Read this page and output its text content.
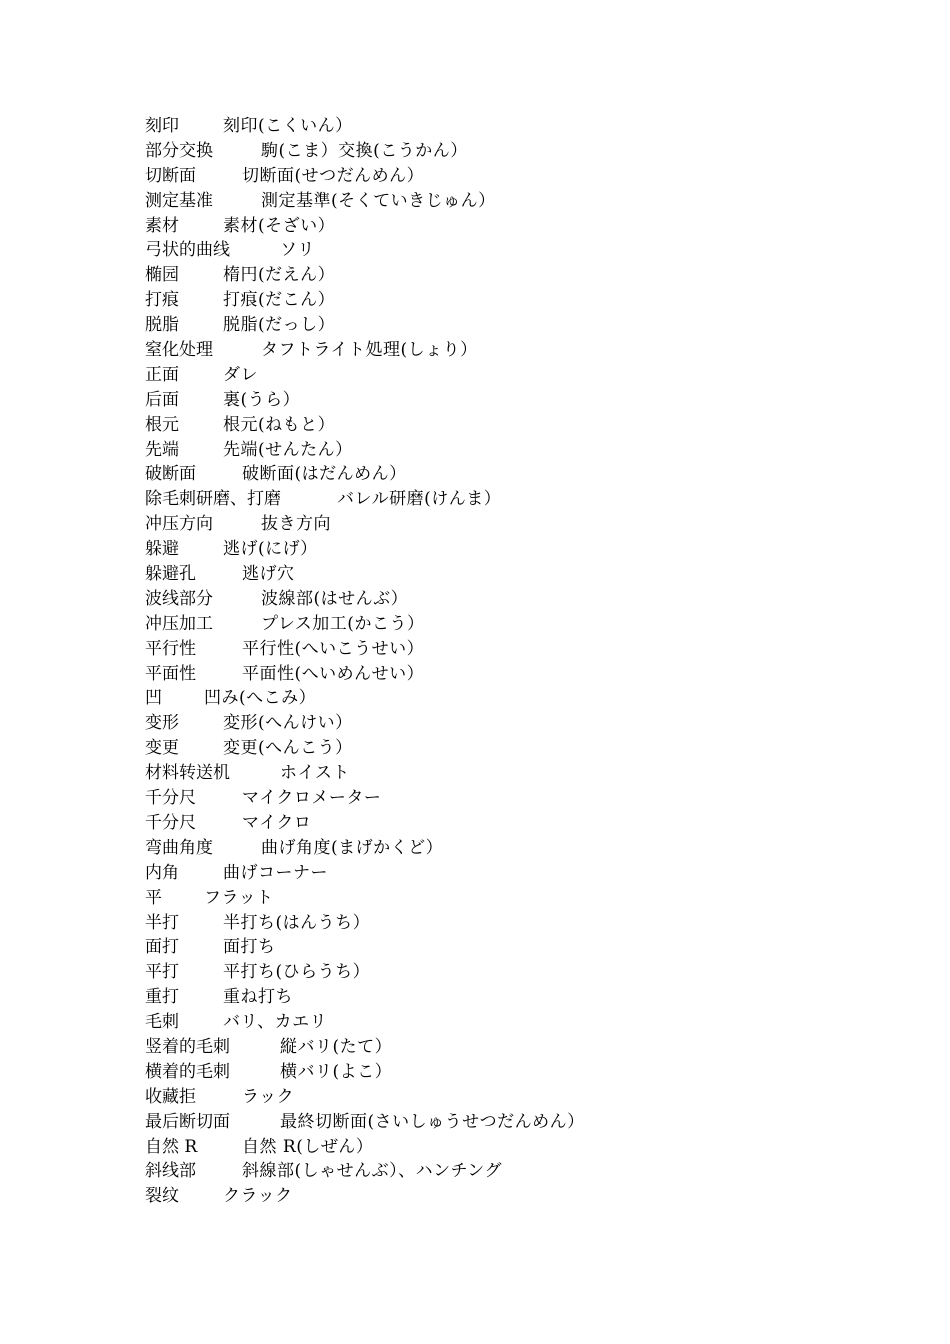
刻印	刻印(こくいん）
部分交换	駒(こま）交換(こうかん）
切断面	切断面(せつだんめん）
测定基准	測定基準(そくていきじゅん）
素材	素材(そざい）
弓状的曲线	ソリ
椭园	楕円(だえん）
打痕	打痕(だこん）
脱脂	脱脂(だっし）
窒化处理	タフトライト処理(しょり）
正面	ダレ
后面	裏(うら）
根元	根元(ねもと）
先端	先端(せんたん）
破断面	破断面(はだんめん）
除毛刺研磨、打磨	バレル研磨(けんま）
冲压方向	抜き方向
躲避	逃げ(にげ）
躲避孔	逃げ穴
波线部分	波線部(はせんぶ）
冲压加工	プレス加工(かこう）
平行性	平行性(へいこうせい）
平面性	平面性(へいめんせい）
凹 凹み(へこみ）
变形	変形(へんけい）
变更	変更(へんこう）
材料转送机	ホイスト
千分尺	マイクロメーター
千分尺	マイクロ
弯曲角度	曲げ角度(まげかくど）
内角	曲げコーナー
平 フラット
半打	半打ち(はんうち）
面打	面打ち
平打	平打ち(ひらうち）
重打	重ね打ち
毛刺	バリ、カエリ
竖着的毛刺	縦バリ(たて）
横着的毛刺	横バリ(よこ）
收藏拒	ラック
最后断切面	最終切断面(さいしゅうせつだんめん）
自然 R	自然 R(しぜん）
斜线部	斜線部(しゃせんぶ）、ハンチング
裂纹	クラック
